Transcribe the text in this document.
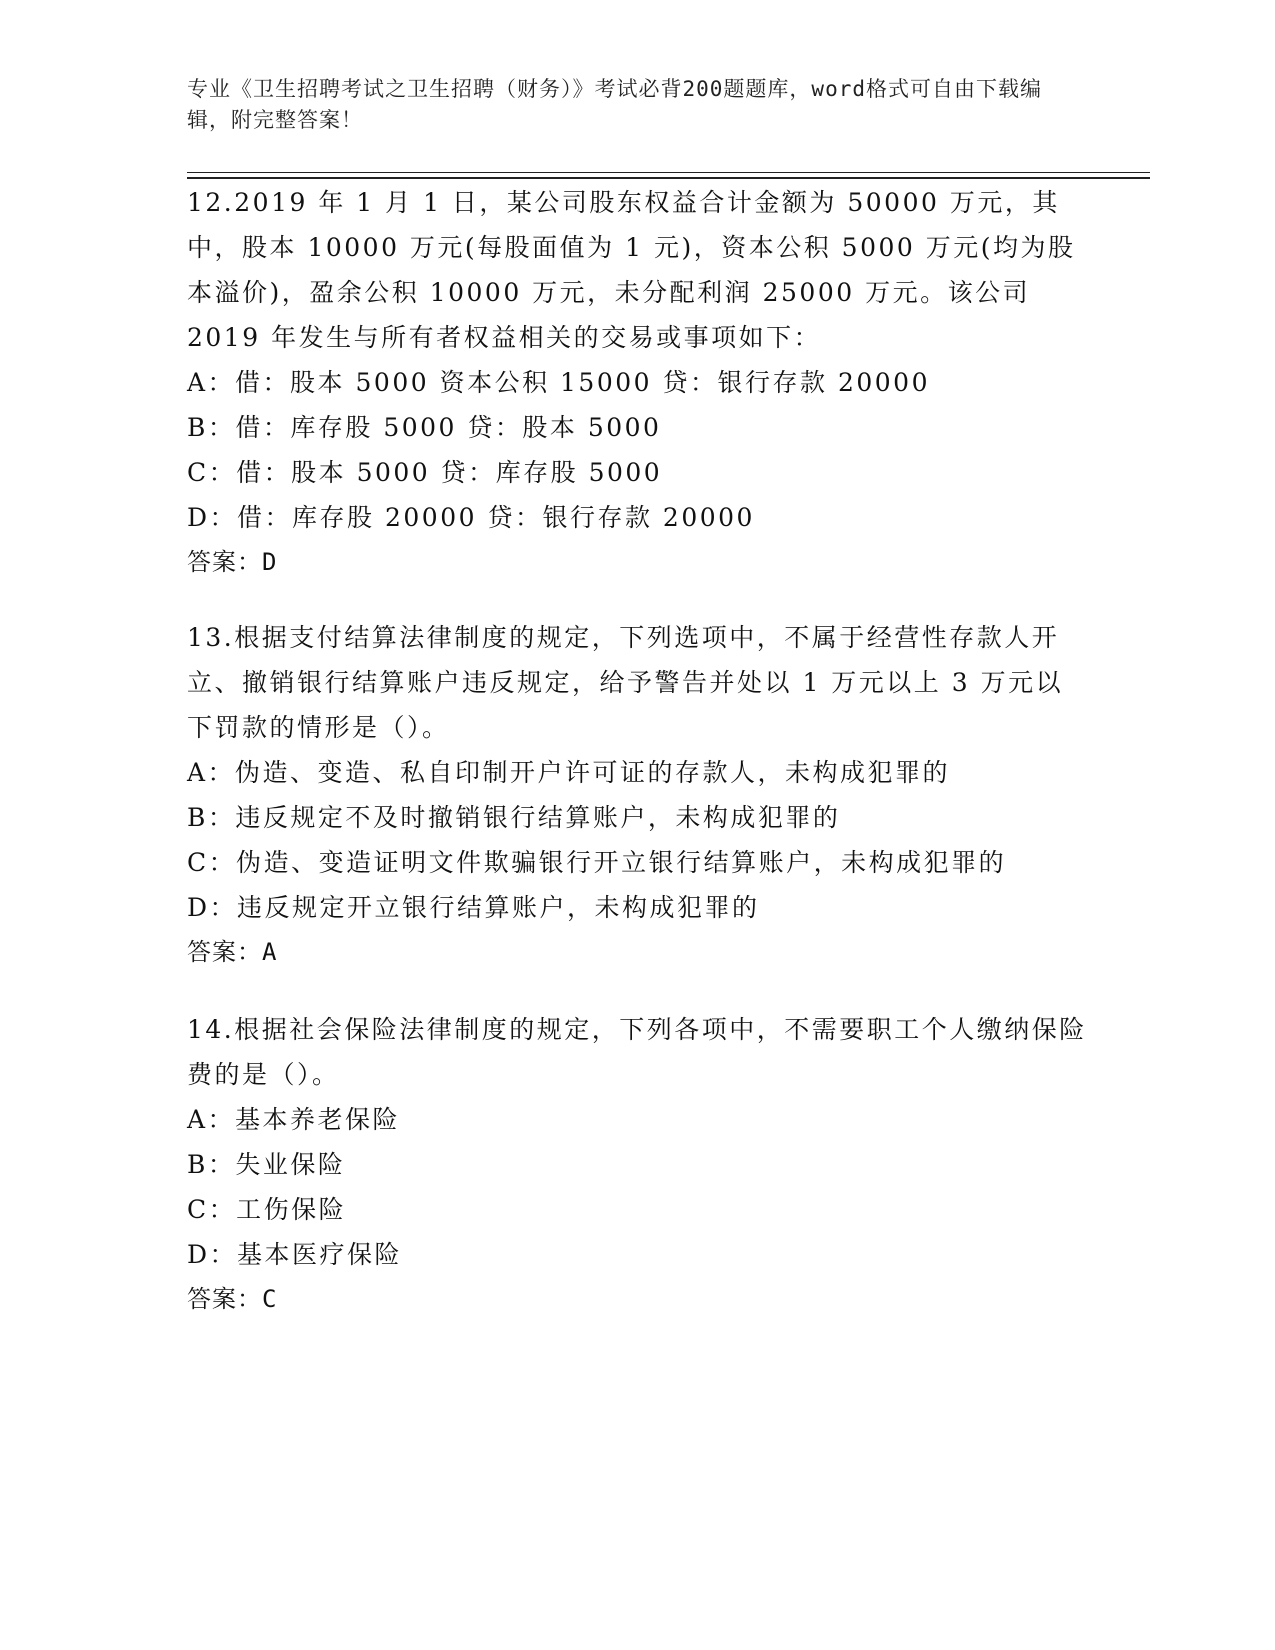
专业《卫生招聘考试之卫生招聘（财务）》考试必背200题题库，word格式可自由下载编辑，附完整答案！
12.2019 年 1 月 1 日，某公司股东权益合计金额为 50000 万元，其中，股本 10000 万元(每股面值为 1 元)，资本公积 5000 万元(均为股本溢价)，盈余公积 10000 万元，未分配利润 25000 万元。该公司 2019 年发生与所有者权益相关的交易或事项如下：
A：借：股本 5000 资本公积 15000 贷：银行存款 20000
B：借：库存股 5000 贷：股本 5000
C：借：股本 5000 贷：库存股 5000
D：借：库存股 20000 贷：银行存款 20000
答案：D
13.根据支付结算法律制度的规定，下列选项中，不属于经营性存款人开立、撤销银行结算账户违反规定，给予警告并处以 1 万元以上 3 万元以下罚款的情形是（）。
A：伪造、变造、私自印制开户许可证的存款人，未构成犯罪的
B：违反规定不及时撤销银行结算账户，未构成犯罪的
C：伪造、变造证明文件欺骗银行开立银行结算账户，未构成犯罪的
D：违反规定开立银行结算账户，未构成犯罪的
答案：A
14.根据社会保险法律制度的规定，下列各项中，不需要职工个人缴纳保险费的是（）。
A：基本养老保险
B：失业保险
C：工伤保险
D：基本医疗保险
答案：C
